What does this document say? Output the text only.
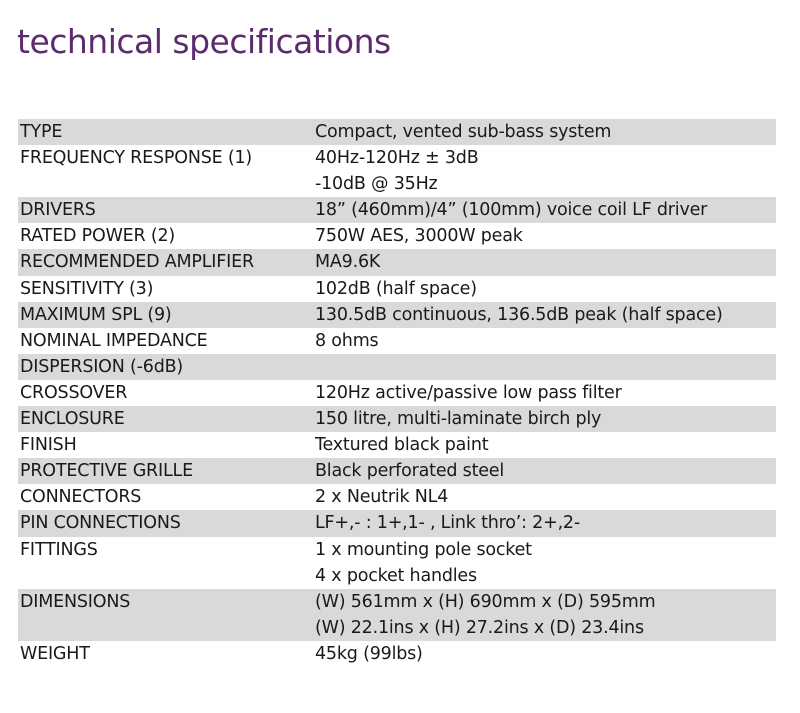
technical specifications
TYPE	Compact, vented sub-bass system
FREQUENCY RESPONSE (1)	40Hz-120Hz ± 3dB
-10dB @ 35Hz
DRIVERS	18” (460mm)/4” (100mm) voice coil LF driver
RATED POWER (2)	750W AES, 3000W peak
RECOMMENDED AMPLIFIER	MA9.6K
SENSITIVITY (3)	102dB (half space)
MAXIMUM SPL (9)	130.5dB continuous, 136.5dB peak (half space)
NOMINAL IMPEDANCE	8 ohms
DISPERSION (-6dB)

CROSSOVER	120Hz active/passive low pass filter
ENCLOSURE	150 litre, multi-laminate birch ply
FINISH	Textured black paint
PROTECTIVE GRILLE	Black perforated steel
CONNECTORS	2 x Neutrik NL4
PIN CONNECTIONS	LF+,- : 1+,1- , Link thro’: 2+,2-
FITTINGS	1 x mounting pole socket
4 x pocket handles
DIMENSIONS	(W) 561mm x (H) 690mm x (D) 595mm
(W) 22.1ins x (H) 27.2ins x (D) 23.4ins
WEIGHT	45kg (99lbs)
